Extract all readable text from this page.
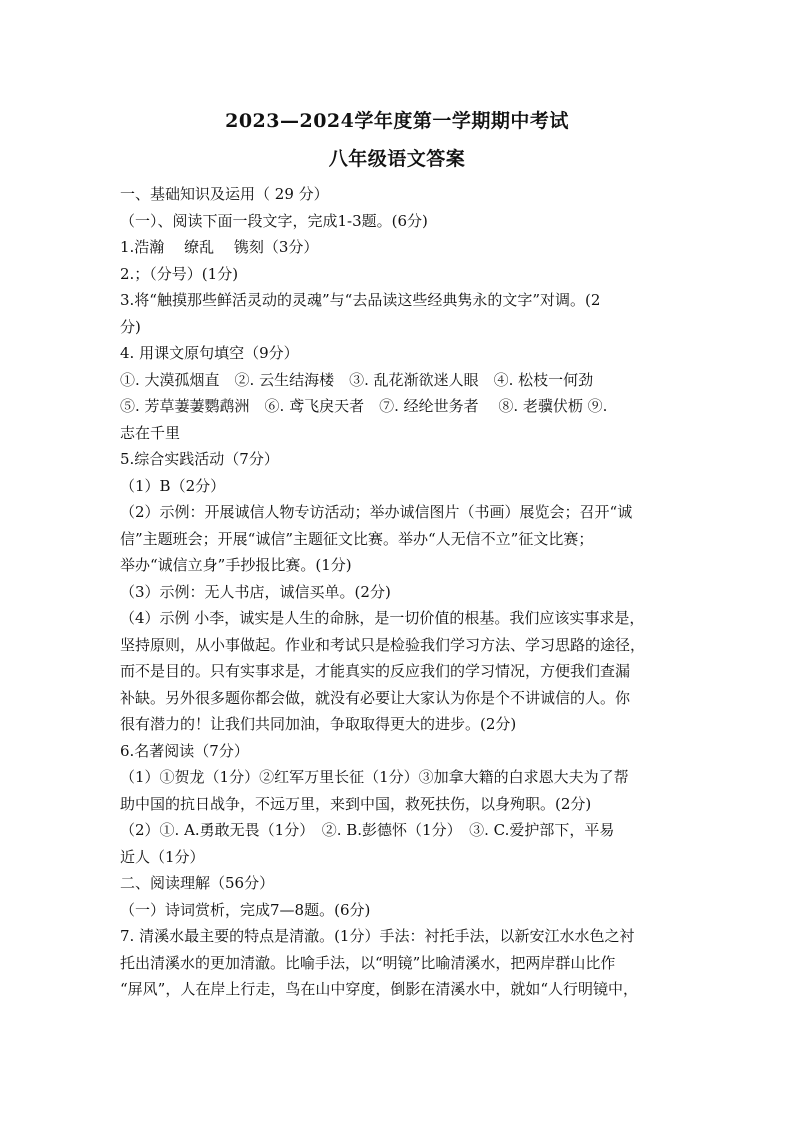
2023—2024学年度第一学期期中考试
八年级语文答案
一、基础知识及运用（ 29 分）
（一）、阅读下面一段文字，完成1-3题。(6分)
1.浩瀚　 缭乱　 镌刻（3分）
2.；（分号）(1分)
3.将“触摸那些鲜活灵动的灵魂”与“去品读这些经典隽永的文字”对调。(2
分)
4. 用课文原句填空（9分）
①. 大漠孤烟直　②. 云生结海楼　③. 乱花渐欲迷人眼　④. 松枝一何劲
⑤. 芳草萋萋鹦鹉洲　⑥. 鸢飞戾天者　⑦. 经纶世务者　 ⑧. 老骥伏枥 ⑨.
志在千里
5.综合实践活动（7分）
（1）B（2分）
（2）示例：开展诚信人物专访活动；举办诚信图片（书画）展览会；召开“诚
信”主题班会；开展“诚信”主题征文比赛。举办“人无信不立”征文比赛；
举办“诚信立身”手抄报比赛。(1分)
（3）示例：无人书店，诚信买单。(2分)
（4）示例 小李，诚实是人生的命脉，是一切价值的根基。我们应该实事求是，
坚持原则，从小事做起。作业和考试只是检验我们学习方法、学习思路的途径，
而不是目的。只有实事求是，才能真实的反应我们的学习情况，方便我们查漏
补缺。另外很多题你都会做，就没有必要让大家认为你是个不讲诚信的人。你
很有潜力的！让我们共同加油，争取取得更大的进步。(2分)
6.名著阅读（7分）
（1）①贺龙（1分）②红军万里长征（1分）③加拿大籍的白求恩大夫为了帮
助中国的抗日战争，不远万里，来到中国，救死扶伤，以身殉职。(2分)
（2）①. A.勇敢无畏（1分）　②. B.彭德怀（1分）　③. C.爱护部下，平易
近人（1分）
二、阅读理解（56分）
（一）诗词赏析，完成7—8题。(6分)
7. 清溪水最主要的特点是清澈。(1分）手法：衬托手法，以新安江水水色之衬
托出清溪水的更加清澈。比喻手法，以“明镜”比喻清溪水，把两岸群山比作
“屏风”，人在岸上行走，鸟在山中穿度，倒影在清溪水中，就如“人行明镜中，
